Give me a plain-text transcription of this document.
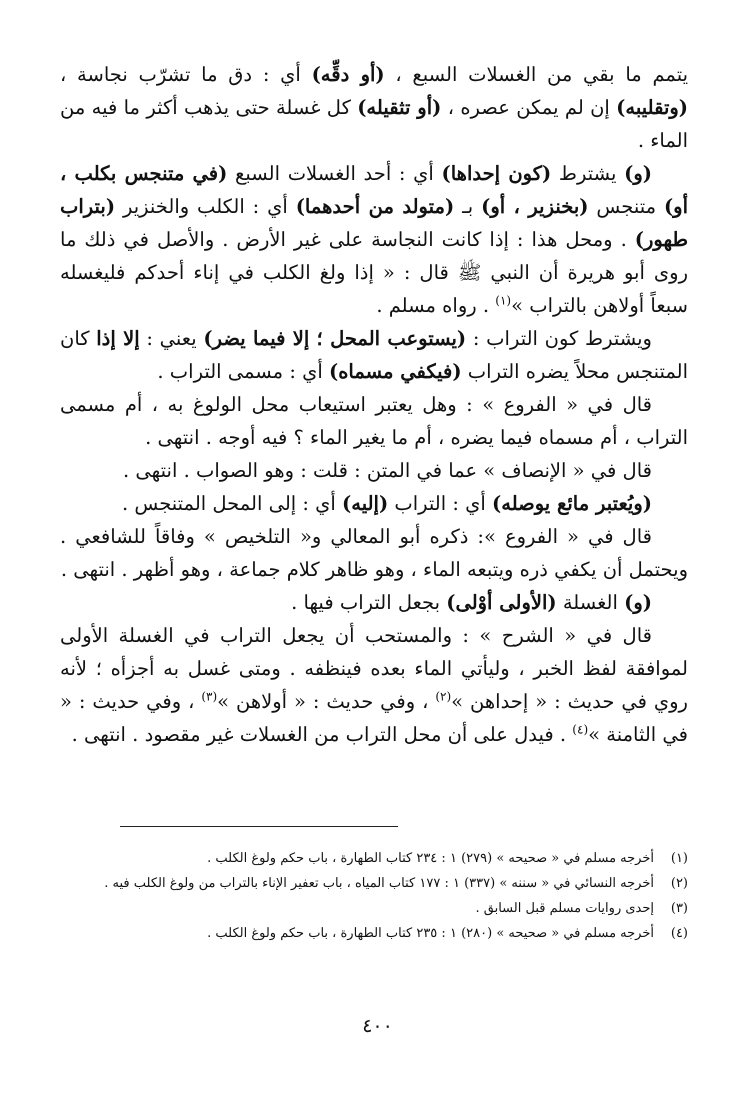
يتمم ما بقي من الغسلات السبع ، (أو دقِّه) أي : دق ما تشرّب نجاسة ، (وتقليبه) إن لم يمكن عصره ، (أو تثقيله) كل غسلة حتى يذهب أكثر ما فيه من الماء .

(و) يشترط (كون إحداها) أي : أحد الغسلات السبع (في متنجس بكلب ، أو) متنجس (بخنزير ، أو) بـ (متولد من أحدهما) أي : الكلب والخنزير (بتراب طهور) . ومحل هذا : إذا كانت النجاسة على غير الأرض . والأصل في ذلك ما روى أبو هريرة أن النبي ﷺ قال : « إذا ولغ الكلب في إناء أحدكم فليغسله سبعاً أولاهن بالتراب »$^{(١)}$ . رواه مسلم .

ويشترط كون التراب : (يستوعب المحل ؛ إلا فيما يضر) يعني : إلا إذا كان المتنجس محلاً يضره التراب (فيكفي مسماه) أي : مسمى التراب .

قال في « الفروع » : وهل يعتبر استيعاب محل الولوغ به ، أم مسمى التراب ، أم مسماه فيما يضره ، أم ما يغير الماء ؟ فيه أوجه . انتهى .

قال في « الإنصاف » عما في المتن : قلت : وهو الصواب . انتهى .

(ويُعتبر مائع يوصله) أي : التراب (إليه) أي : إلى المحل المتنجس .

قال في « الفروع »: ذكره أبو المعالي و« التلخيص » وفاقاً للشافعي . ويحتمل أن يكفي ذره ويتبعه الماء ، وهو ظاهر كلام جماعة ، وهو أظهر . انتهى .

(و) الغسلة (الأولى أوْلى) بجعل التراب فيها .

قال في « الشرح » : والمستحب أن يجعل التراب في الغسلة الأولى لموافقة لفظ الخبر ، وليأتي الماء بعده فينظفه . ومتى غسل به أجزأه ؛ لأنه روي في حديث : « إحداهن »$^{(٢)}$ ، وفي حديث : « أولاهن »$^{(٣)}$ ، وفي حديث : « في الثامنة »$^{(٤)}$ . فيدل على أن محل التراب من الغسلات غير مقصود . انتهى .

(١)
أخرجه مسلم في « صحيحه » (٢٧٩) ١ : ٢٣٤ كتاب الطهارة ، باب حكم ولوغ الكلب .
(٢)
أخرجه النسائي في « سننه » (٣٣٧) ١ : ١٧٧ كتاب المياه ، باب تعفير الإناء بالتراب من ولوغ الكلب فيه .
(٣)
إحدى روايات مسلم قبل السابق .
(٤)
أخرجه مسلم في « صحيحه » (٢٨٠) ١ : ٢٣٥ كتاب الطهارة ، باب حكم ولوغ الكلب .
٤٠٠
